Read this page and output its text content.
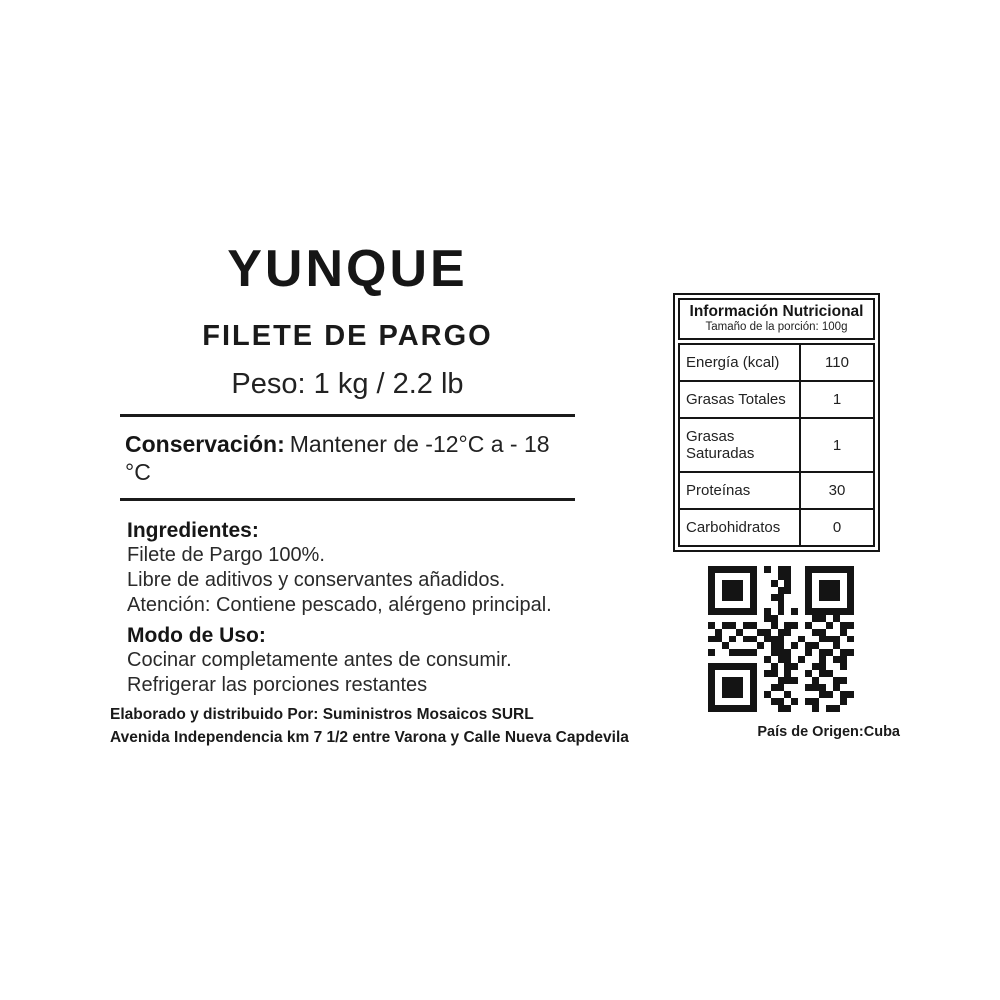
YUNQUE
FILETE DE PARGO
Peso: 1 kg / 2.2 lb
Conservación: Mantener de -12°C a - 18 °C
Ingredientes:
Filete de Pargo 100%.
Libre de aditivos y conservantes añadidos.
Atención: Contiene pescado, alérgeno principal.
Modo de Uso:
Cocinar completamente antes de consumir.
Refrigerar las porciones restantes
Elaborado y distribuido Por: Suministros Mosaicos SURL
Avenida Independencia km 7 1/2 entre Varona y Calle Nueva Capdevila
Información Nutricional
Tamaño de la porción: 100g
Energía (kcal)	110
Grasas Totales	1
Grasas Saturadas	1
Proteínas	30
Carbohidratos	0
País de Origen:Cuba
